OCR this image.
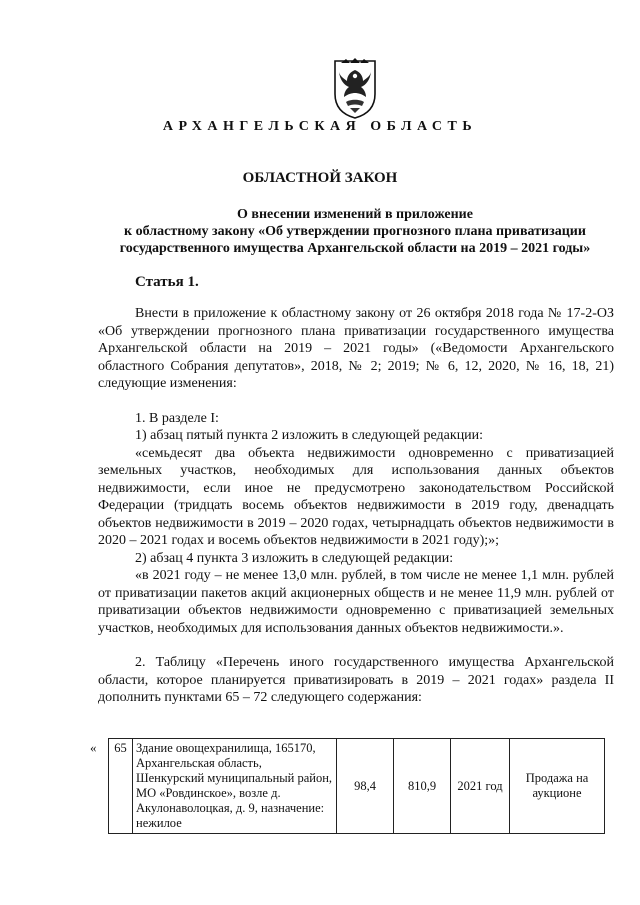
АРХАНГЕЛЬСКАЯ ОБЛАСТЬ
ОБЛАСТНОЙ ЗАКОН
О внесении изменений в приложение
к областному закону «Об утверждении прогнозного плана приватизации
государственного имущества Архангельской области на 2019 – 2021 годы»
Статья 1.

Внести в приложение к областному закону от 26 октября 2018 года № 17-2-ОЗ «Об утверждении прогнозного плана приватизации государственного имущества Архангельской области на 2019 – 2021 годы» («Ведомости Архангельского областного Собрания депутатов», 2018, № 2; 2019; № 6, 12, 2020, № 16, 18, 21) следующие изменения:

1. В разделе I:

1) абзац пятый пункта 2 изложить в следующей редакции:

«семьдесят два объекта недвижимости одновременно с приватизацией земельных участков, необходимых для использования данных объектов недвижимости, если иное не предусмотрено законодательством Российской Федерации (тридцать восемь объектов недвижимости в 2019 году, двенадцать объектов недвижимости в 2019 – 2020 годах, четырнадцать объектов недвижимости в 2020 – 2021 годах и восемь объектов недвижимости в 2021 году);»;

2) абзац 4 пункта 3 изложить в следующей редакции:

«в 2021 году – не менее 13,0 млн. рублей, в том числе не менее 1,1 млн. рублей от приватизации пакетов акций акционерных обществ и не менее 11,9 млн. рублей от приватизации объектов недвижимости одновременно с приватизацией земельных участков, необходимых для использования данных объектов недвижимости.».

2. Таблицу «Перечень иного государственного имущества Архангельской области, которое планируется приватизировать в 2019 – 2021 годах» раздела II дополнить пунктами 65 – 72 следующего содержания:

« 65	Здание овощехранилища, 165170, Архангельская область, Шенкурский муниципальный район, МО «Ровдинское», возле д. Акулонаволоцкая, д. 9, назначение: нежилое	98,4	810,9	2021 год	Продажа на аукционе
